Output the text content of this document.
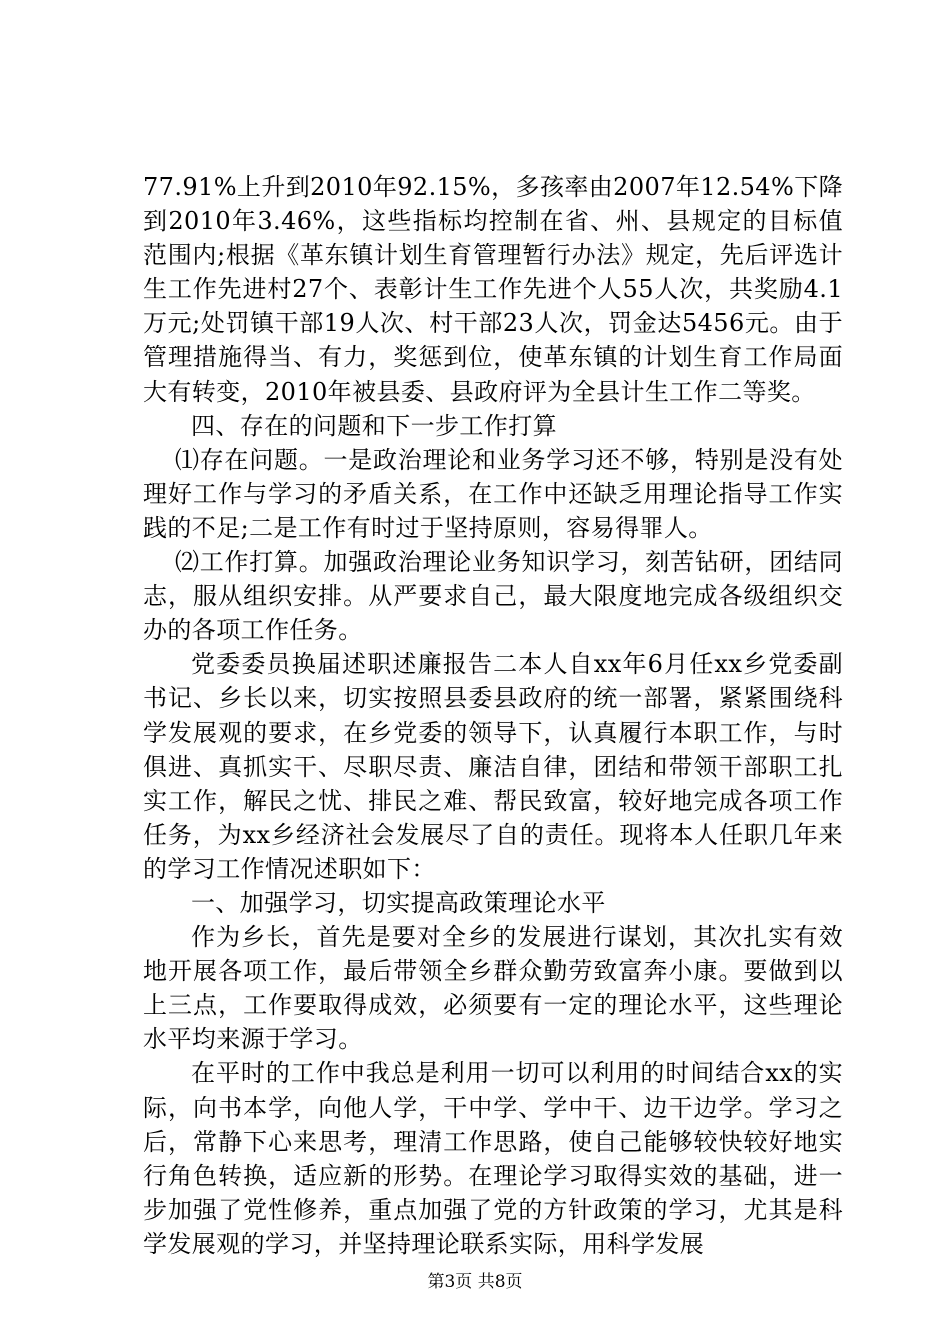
77.91%上升到2010年92.15%，多孩率由2007年12.54%下降到2010年3.46%，这些指标均控制在省、州、县规定的目标值范围内;根据《革东镇计划生育管理暂行办法》规定，先后评选计生工作先进村27个、表彰计生工作先进个人55人次，共奖励4.1万元;处罚镇干部19人次、村干部23人次，罚金达5456元。由于管理措施得当、有力，奖惩到位，使革东镇的计划生育工作局面大有转变，2010年被县委、县政府评为全县计生工作二等奖。

四、存在的问题和下一步工作打算

⑴存在问题。一是政治理论和业务学习还不够，特别是没有处理好工作与学习的矛盾关系，在工作中还缺乏用理论指导工作实践的不足;二是工作有时过于坚持原则，容易得罪人。

⑵工作打算。加强政治理论业务知识学习，刻苦钻研，团结同志，服从组织安排。从严要求自己，最大限度地完成各级组织交办的各项工作任务。

党委委员换届述职述廉报告二本人自xx年6月任xx乡党委副书记、乡长以来，切实按照县委县政府的统一部署，紧紧围绕科学发展观的要求，在乡党委的领导下，认真履行本职工作，与时俱进、真抓实干、尽职尽责、廉洁自律，团结和带领干部职工扎实工作，解民之忧、排民之难、帮民致富，较好地完成各项工作任务，为xx乡经济社会发展尽了自的责任。现将本人任职几年来的学习工作情况述职如下：

一、加强学习，切实提高政策理论水平

作为乡长，首先是要对全乡的发展进行谋划，其次扎实有效地开展各项工作，最后带领全乡群众勤劳致富奔小康。要做到以上三点，工作要取得成效，必须要有一定的理论水平，这些理论水平均来源于学习。

在平时的工作中我总是利用一切可以利用的时间结合xx的实际，向书本学，向他人学，干中学、学中干、边干边学。学习之后，常静下心来思考，理清工作思路，使自己能够较快较好地实行角色转换，适应新的形势。在理论学习取得实效的基础，进一步加强了党性修养，重点加强了党的方针政策的学习，尤其是科学发展观的学习，并坚持理论联系实际，用科学发展

第3页 共8页
